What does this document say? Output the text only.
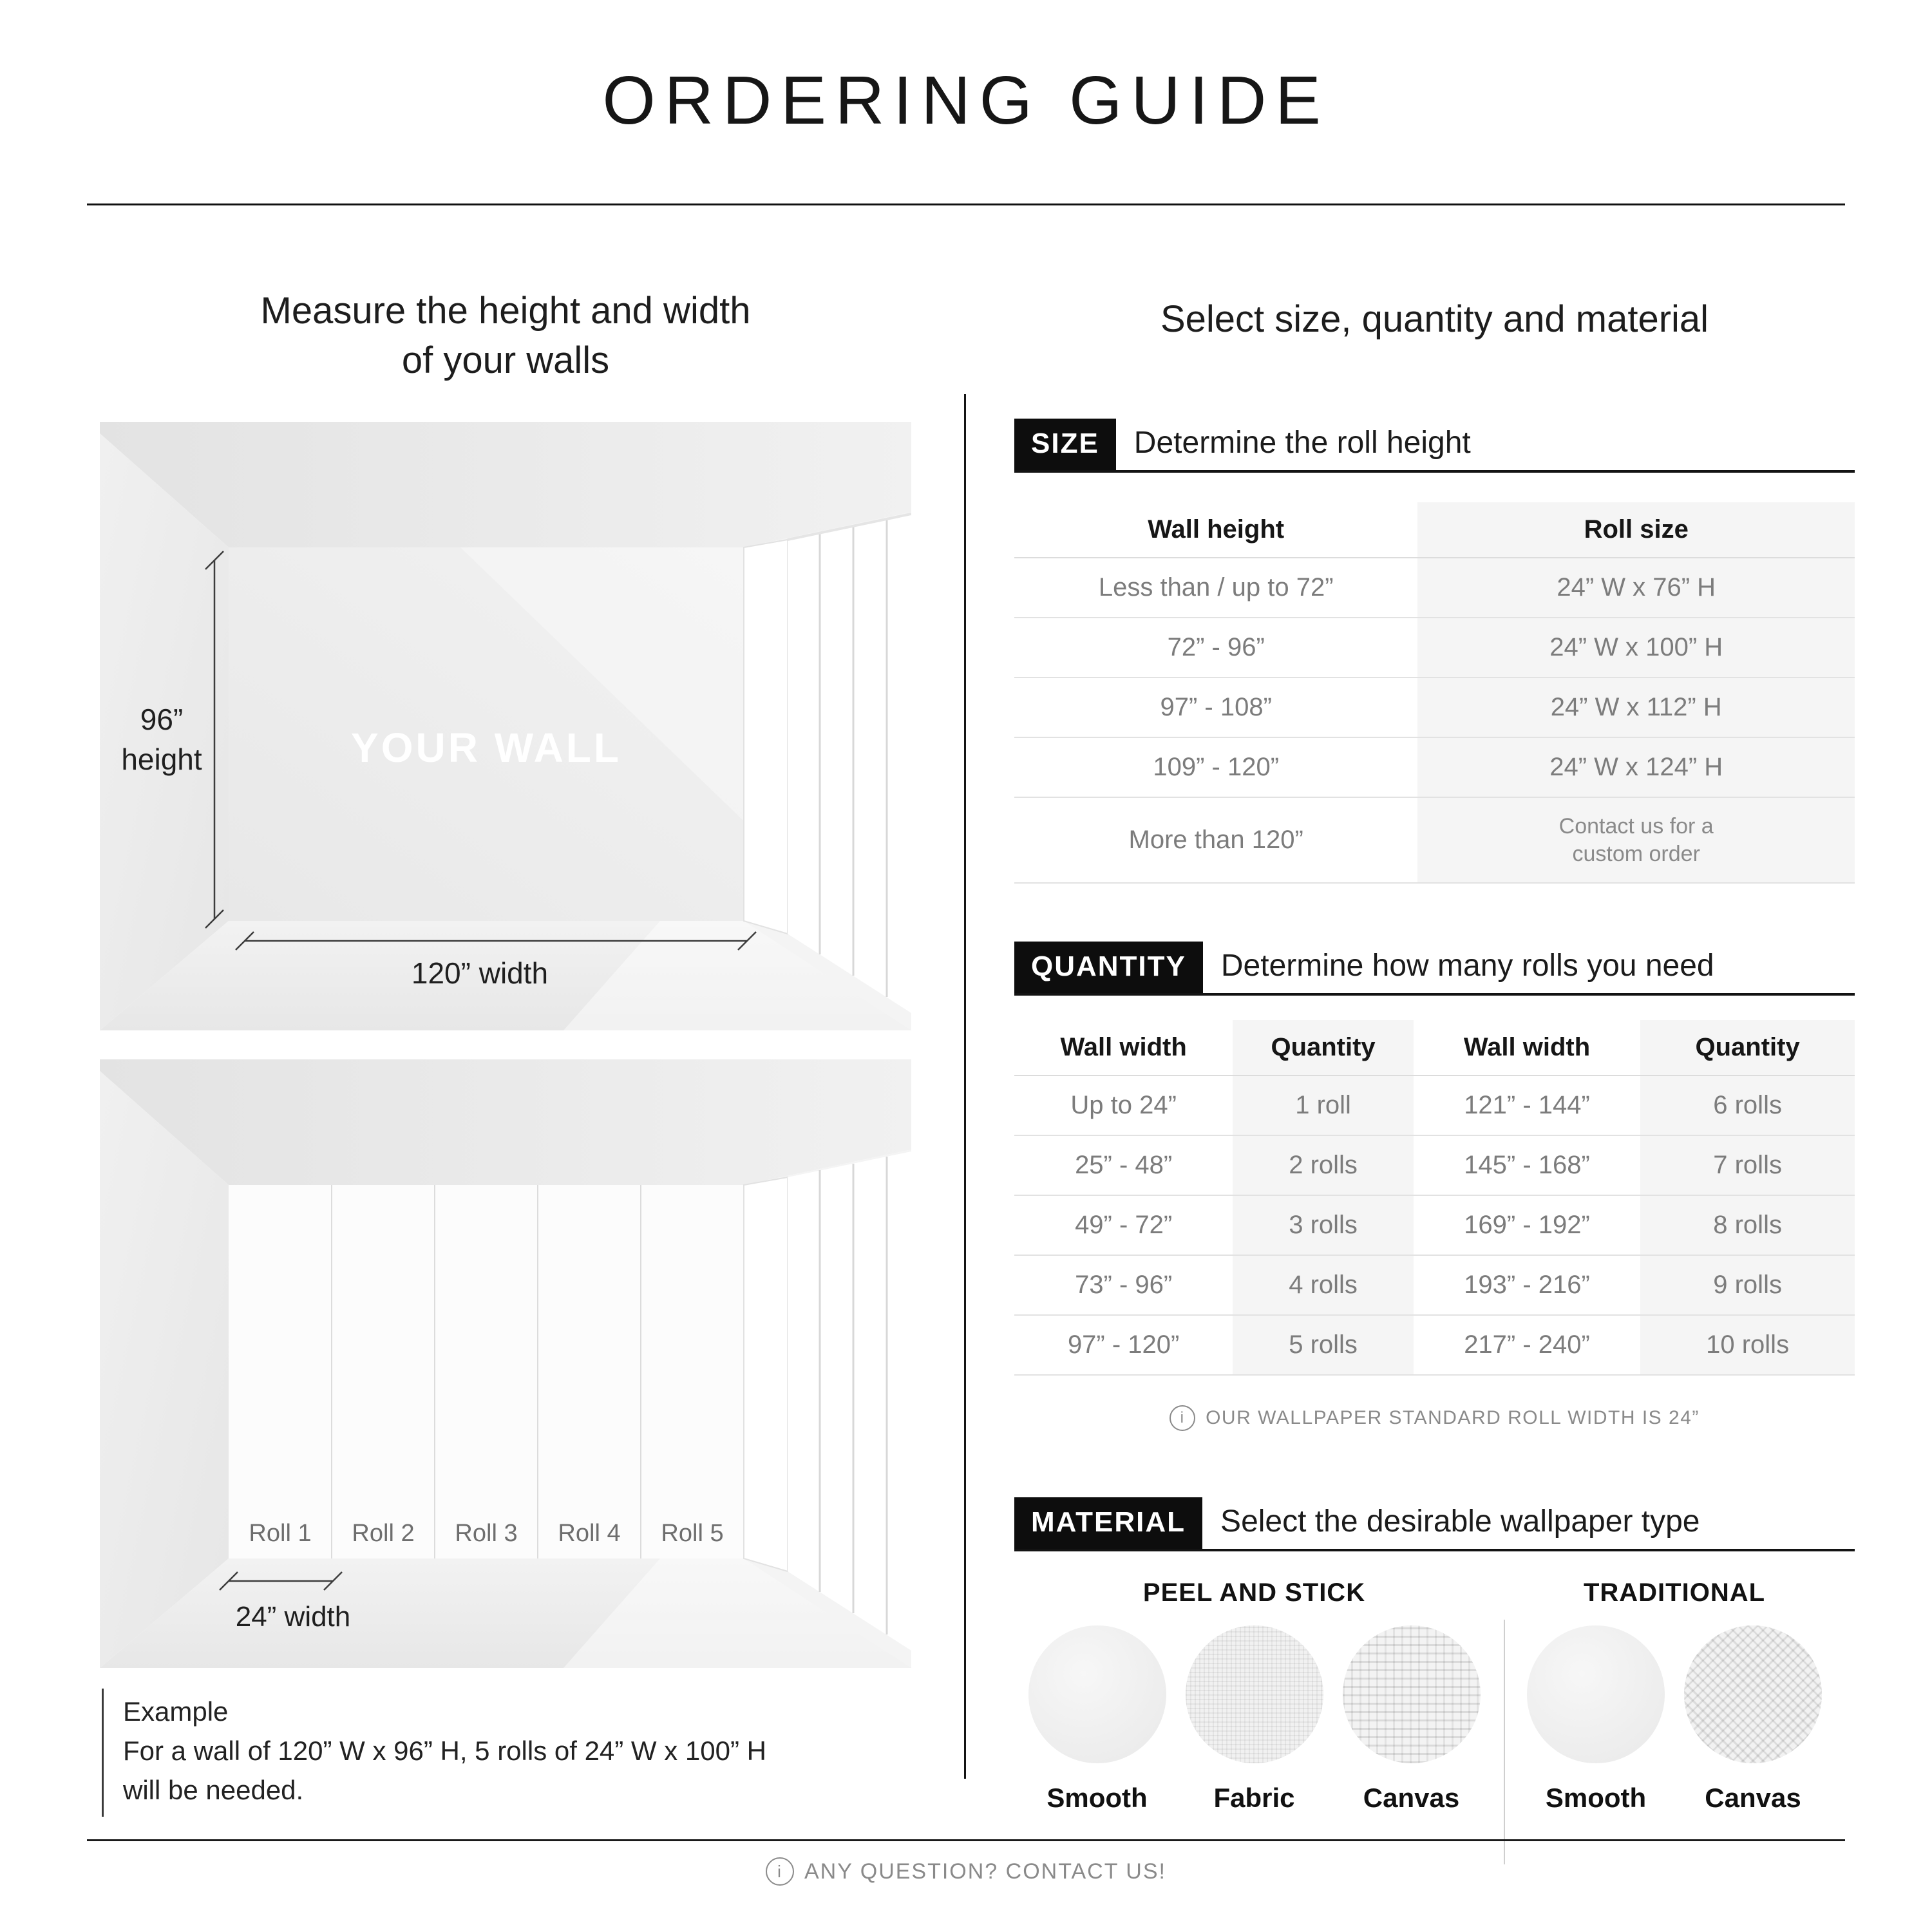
ORDERING GUIDE
Measure the height and width
of your walls
Select size, quantity and material
YOUR WALL
96”
height
120” width
Roll 1 Roll 2 Roll 3 Roll 4 Roll 5
24” width
Example
For a wall of 120” W x 96” H, 5 rolls of 24” W x 100” H
will be needed.
SIZE	Determine the roll height
Wall height	Roll size
Less than / up to 72”	24” W x 76” H
72” - 96”	24” W x 100” H
97” - 108”	24” W x 112” H
109” - 120”	24” W x 124” H
More than 120”	Contact us for a custom order
QUANTITY	Determine how many rolls you need
Wall width	Quantity	Wall width	Quantity
Up to 24”	1 roll	121” - 144”	6 rolls
25” - 48”	2 rolls	145” - 168”	7 rolls
49” - 72”	3 rolls	169” - 192”	8 rolls
73” - 96”	4 rolls	193” - 216”	9 rolls
97” - 120”	5 rolls	217” - 240”	10 rolls
i	OUR WALLPAPER STANDARD ROLL WIDTH IS 24”
MATERIAL	Select the desirable wallpaper type
PEEL AND STICK
Smooth Fabric	Canvas
TRADITIONAL
Smooth Canvas
i	ANY QUESTION? CONTACT US!
